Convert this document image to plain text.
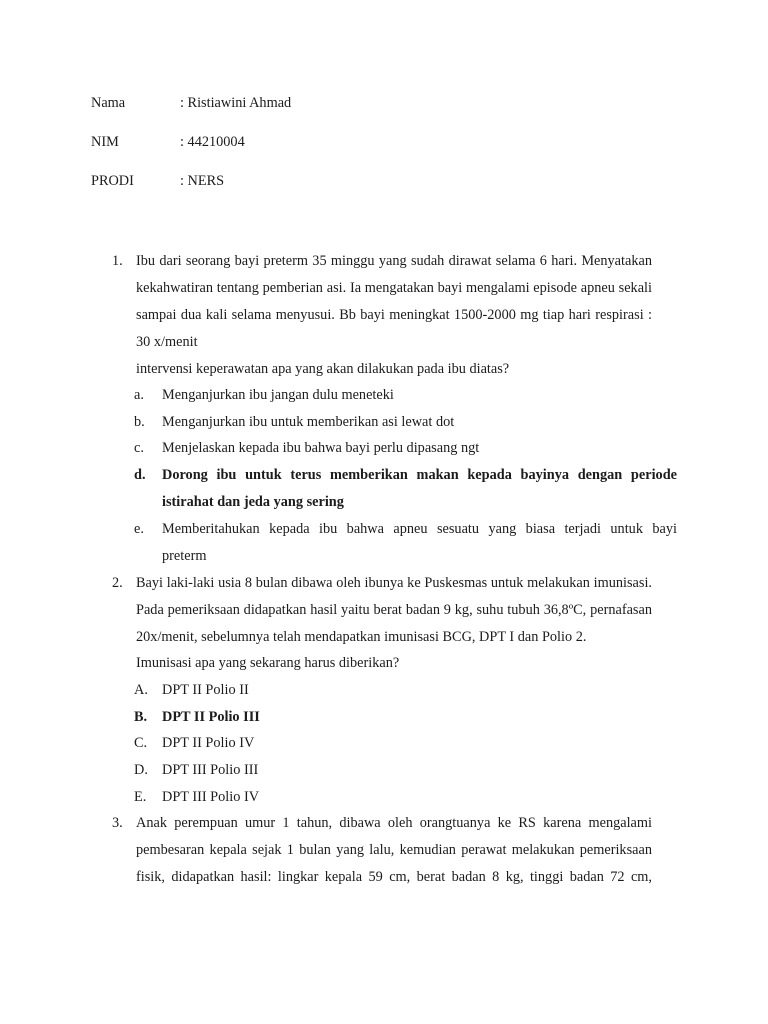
Nama	: Ristiawini Ahmad
NIM	: 44210004
PRODI	: NERS
1. Ibu dari seorang bayi preterm 35 minggu yang sudah dirawat selama 6 hari. Menyatakan
kekahwatiran tentang pemberian asi. Ia mengatakan bayi mengalami episode apneu sekali
sampai dua kali selama menyusui. Bb bayi meningkat 1500-2000 mg tiap hari respirasi :
30 x/menit
intervensi keperawatan apa yang akan dilakukan pada ibu diatas?
a. Menganjurkan ibu jangan dulu meneteki
b. Menganjurkan ibu untuk memberikan asi lewat dot
c. Menjelaskan kepada ibu bahwa bayi perlu dipasang ngt
d. Dorong ibu untuk terus memberikan makan kepada bayinya dengan periode
istirahat dan jeda yang sering
e. Memberitahukan kepada ibu bahwa apneu sesuatu yang biasa terjadi untuk bayi
preterm
2. Bayi laki-laki usia 8 bulan dibawa oleh ibunya ke Puskesmas untuk melakukan imunisasi.
Pada pemeriksaan didapatkan hasil yaitu berat badan 9 kg, suhu tubuh 36,8ºC, pernafasan
20x/menit, sebelumnya telah mendapatkan imunisasi BCG, DPT I dan Polio 2.
Imunisasi apa yang sekarang harus diberikan?
A. DPT II Polio II
B. DPT II Polio III
C. DPT II Polio IV
D. DPT III Polio III
E. DPT III Polio IV
3. Anak perempuan umur 1 tahun, dibawa oleh orangtuanya ke RS karena mengalami
pembesaran kepala sejak 1 bulan yang lalu, kemudian perawat melakukan pemeriksaan
fisik, didapatkan hasil: lingkar kepala 59 cm, berat badan 8 kg, tinggi badan 72 cm,
